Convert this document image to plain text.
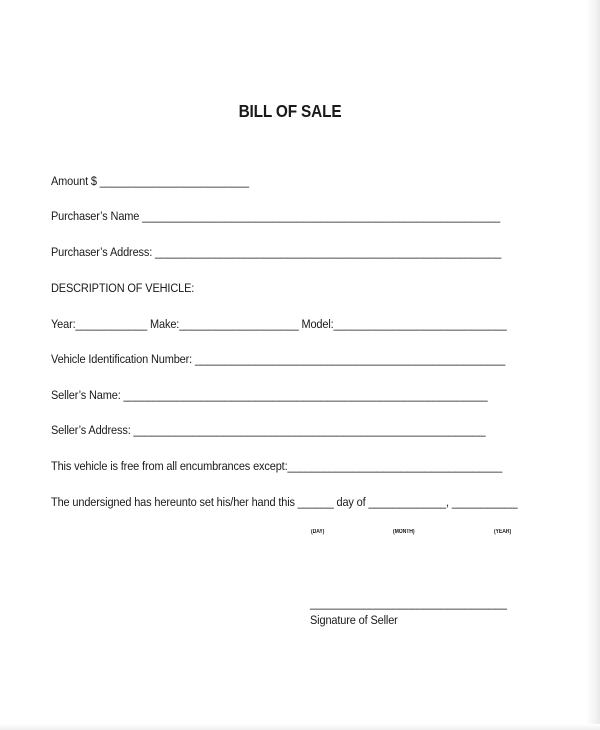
BILL OF SALE
Amount $ _________________________
Purchaser’s Name ____________________________________________________________
Purchaser’s Address: __________________________________________________________
DESCRIPTION OF VEHICLE:
Year:____________ Make:____________________ Model:_____________________________
Vehicle Identification Number: ____________________________________________________
Seller’s Name: _____________________________________________________________
Seller’s Address: ___________________________________________________________
This vehicle is free from all encumbrances except:____________________________________
The undersigned has hereunto set his/her hand this ______ day of _____________, ___________
(DAY)	(MONTH)	(YEAR)
_________________________________
Signature of Seller
